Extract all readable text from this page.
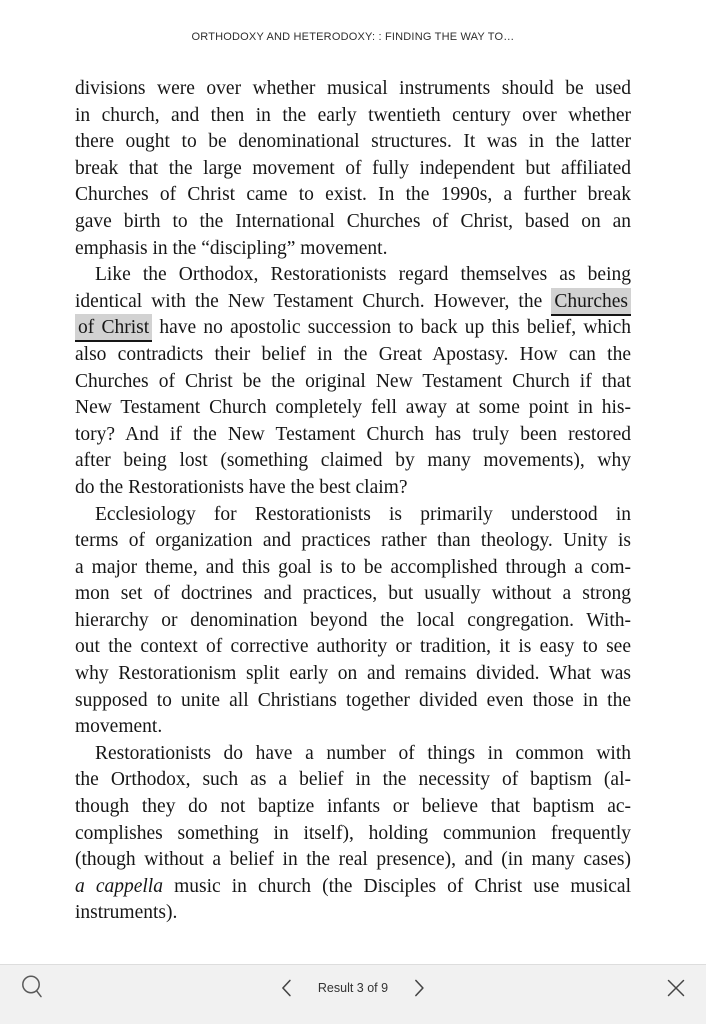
ORTHODOXY AND HETERODOXY: : FINDING THE WAY TO…
divisions were over whether musical instruments should be used
in church, and then in the early twentieth century over whether
there ought to be denominational structures. It was in the latter
break that the large movement of fully independent but affiliated
Churches of Christ came to exist. In the 1990s, a further break
gave birth to the International Churches of Christ, based on an
emphasis in the “discipling” movement.
Like the Orthodox, Restorationists regard themselves as being
identical with the New Testament Church. However, the Churches
of Christ have no apostolic succession to back up this belief, which
also contradicts their belief in the Great Apostasy. How can the
Churches of Christ be the original New Testament Church if that
New Testament Church completely fell away at some point in his-
tory? And if the New Testament Church has truly been restored
after being lost (something claimed by many movements), why
do the Restorationists have the best claim?
Ecclesiology for Restorationists is primarily understood in
terms of organization and practices rather than theology. Unity is
a major theme, and this goal is to be accomplished through a com-
mon set of doctrines and practices, but usually without a strong
hierarchy or denomination beyond the local congregation. With-
out the context of corrective authority or tradition, it is easy to see
why Restorationism split early on and remains divided. What was
supposed to unite all Christians together divided even those in the
movement.
Restorationists do have a number of things in common with
the Orthodox, such as a belief in the necessity of baptism (al-
though they do not baptize infants or believe that baptism ac-
complishes something in itself), holding communion frequently
(though without a belief in the real presence), and (in many cases)
a cappella music in church (the Disciples of Christ use musical
instruments).
Result 3 of 9
